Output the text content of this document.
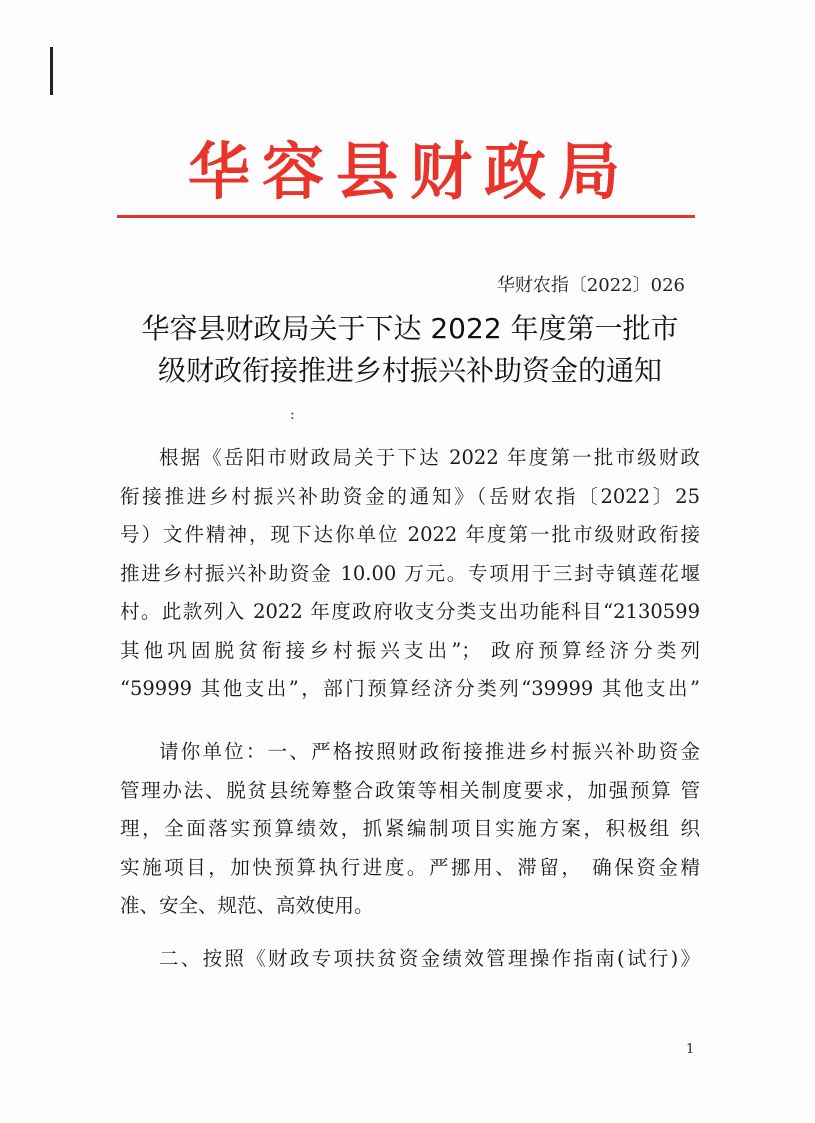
华容县财政局
华财农指〔2022〕026
华容县财政局关于下达 2022 年度第一批市
级财政衔接推进乡村振兴补助资金的通知
:
根据《岳阳市财政局关于下达 2022 年度第一批市级财政
衔接推进乡村振兴补助资金的通知》（岳财农指〔2022〕25
号）文件精神，现下达你单位 2022 年度第一批市级财政衔接
推进乡村振兴补助资金 10.00 万元。专项用于三封寺镇莲花堰
村。此款列入 2022 年度政府收支分类支出功能科目“2130599
其他巩固脱贫衔接乡村振兴支出”； 政府预算经济分类列
“59999 其他支出”，部门预算经济分类列“39999 其他支出”
请你单位：一、严格按照财政衔接推进乡村振兴补助资金
管理办法、脱贫县统筹整合政策等相关制度要求，加强预算 管
理，全面落实预算绩效，抓紧编制项目实施方案，积极组 织
实施项目，加快预算执行进度。严挪用、滞留， 确保资金精
准、安全、规范、高效使用。
二、按照《财政专项扶贫资金绩效管理操作指南(试行)》
1
